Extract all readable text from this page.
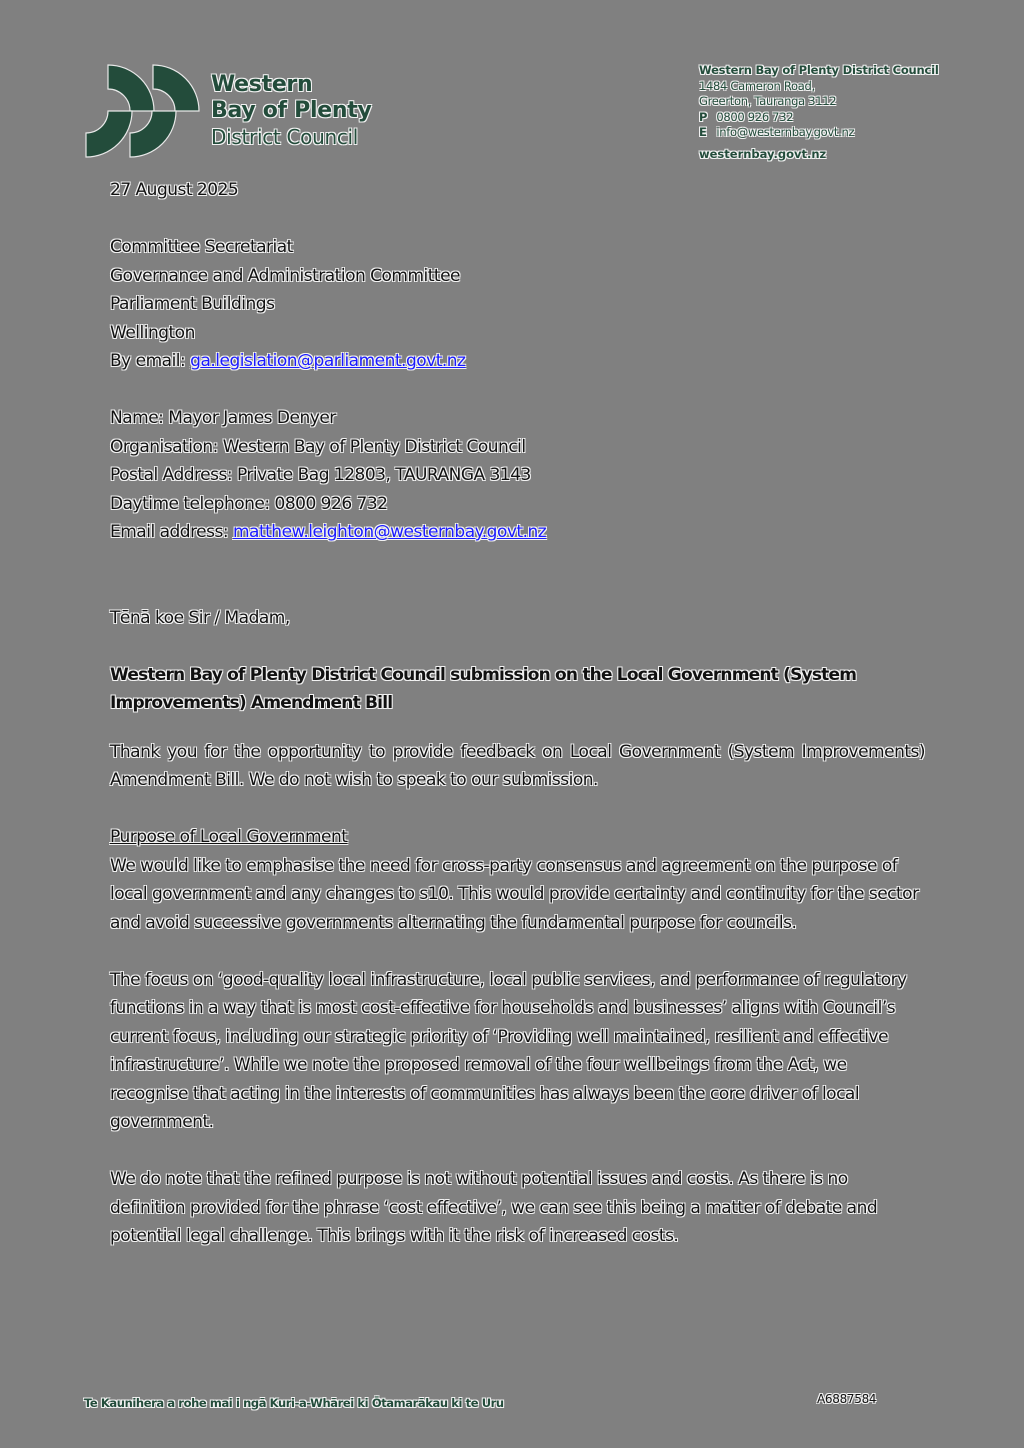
Western
Bay of Plenty
District Council
Western Bay of Plenty District Council
1484 Cameron Road,
Greerton, Tauranga 3112
P 0800 926 732
E info@westernbay.govt.nz
westernbay.govt.nz

27 August 2025

Committee Secretariat

Governance and Administration Committee

Parliament Buildings

Wellington

By email: ga.legislation@parliament.govt.nz

Name: Mayor James Denyer

Organisation: Western Bay of Plenty District Council

Postal Address: Private Bag 12803, TAURANGA 3143

Daytime telephone: 0800 926 732

Email address: matthew.leighton@westernbay.govt.nz

Tēnā koe Sir / Madam,

Western Bay of Plenty District Council submission on the Local Government (System Improvements) Amendment Bill

Thank you for the opportunity to provide feedback on Local Government (System Improvements) Amendment Bill. We do not wish to speak to our submission.

Purpose of Local Government

We would like to emphasise the need for cross-party consensus and agreement on the purpose of local government and any changes to s10. This would provide certainty and continuity for the sector and avoid successive governments alternating the fundamental purpose for councils.

The focus on ‘good-quality local infrastructure, local public services, and performance of regulatory functions in a way that is most cost-effective for households and businesses’ aligns with Council’s current focus, including our strategic priority of ‘Providing well maintained, resilient and effective infrastructure’. While we note the proposed removal of the four wellbeings from the Act, we recognise that acting in the interests of communities has always been the core driver of local government.

We do note that the refined purpose is not without potential issues and costs. As there is no definition provided for the phrase ‘cost effective’, we can see this being a matter of debate and potential legal challenge. This brings with it the risk of increased costs.

Te Kaunihera a rohe mai i ngā Kuri-a-Whārei ki Ōtamarākau ki te Uru	A6887584
